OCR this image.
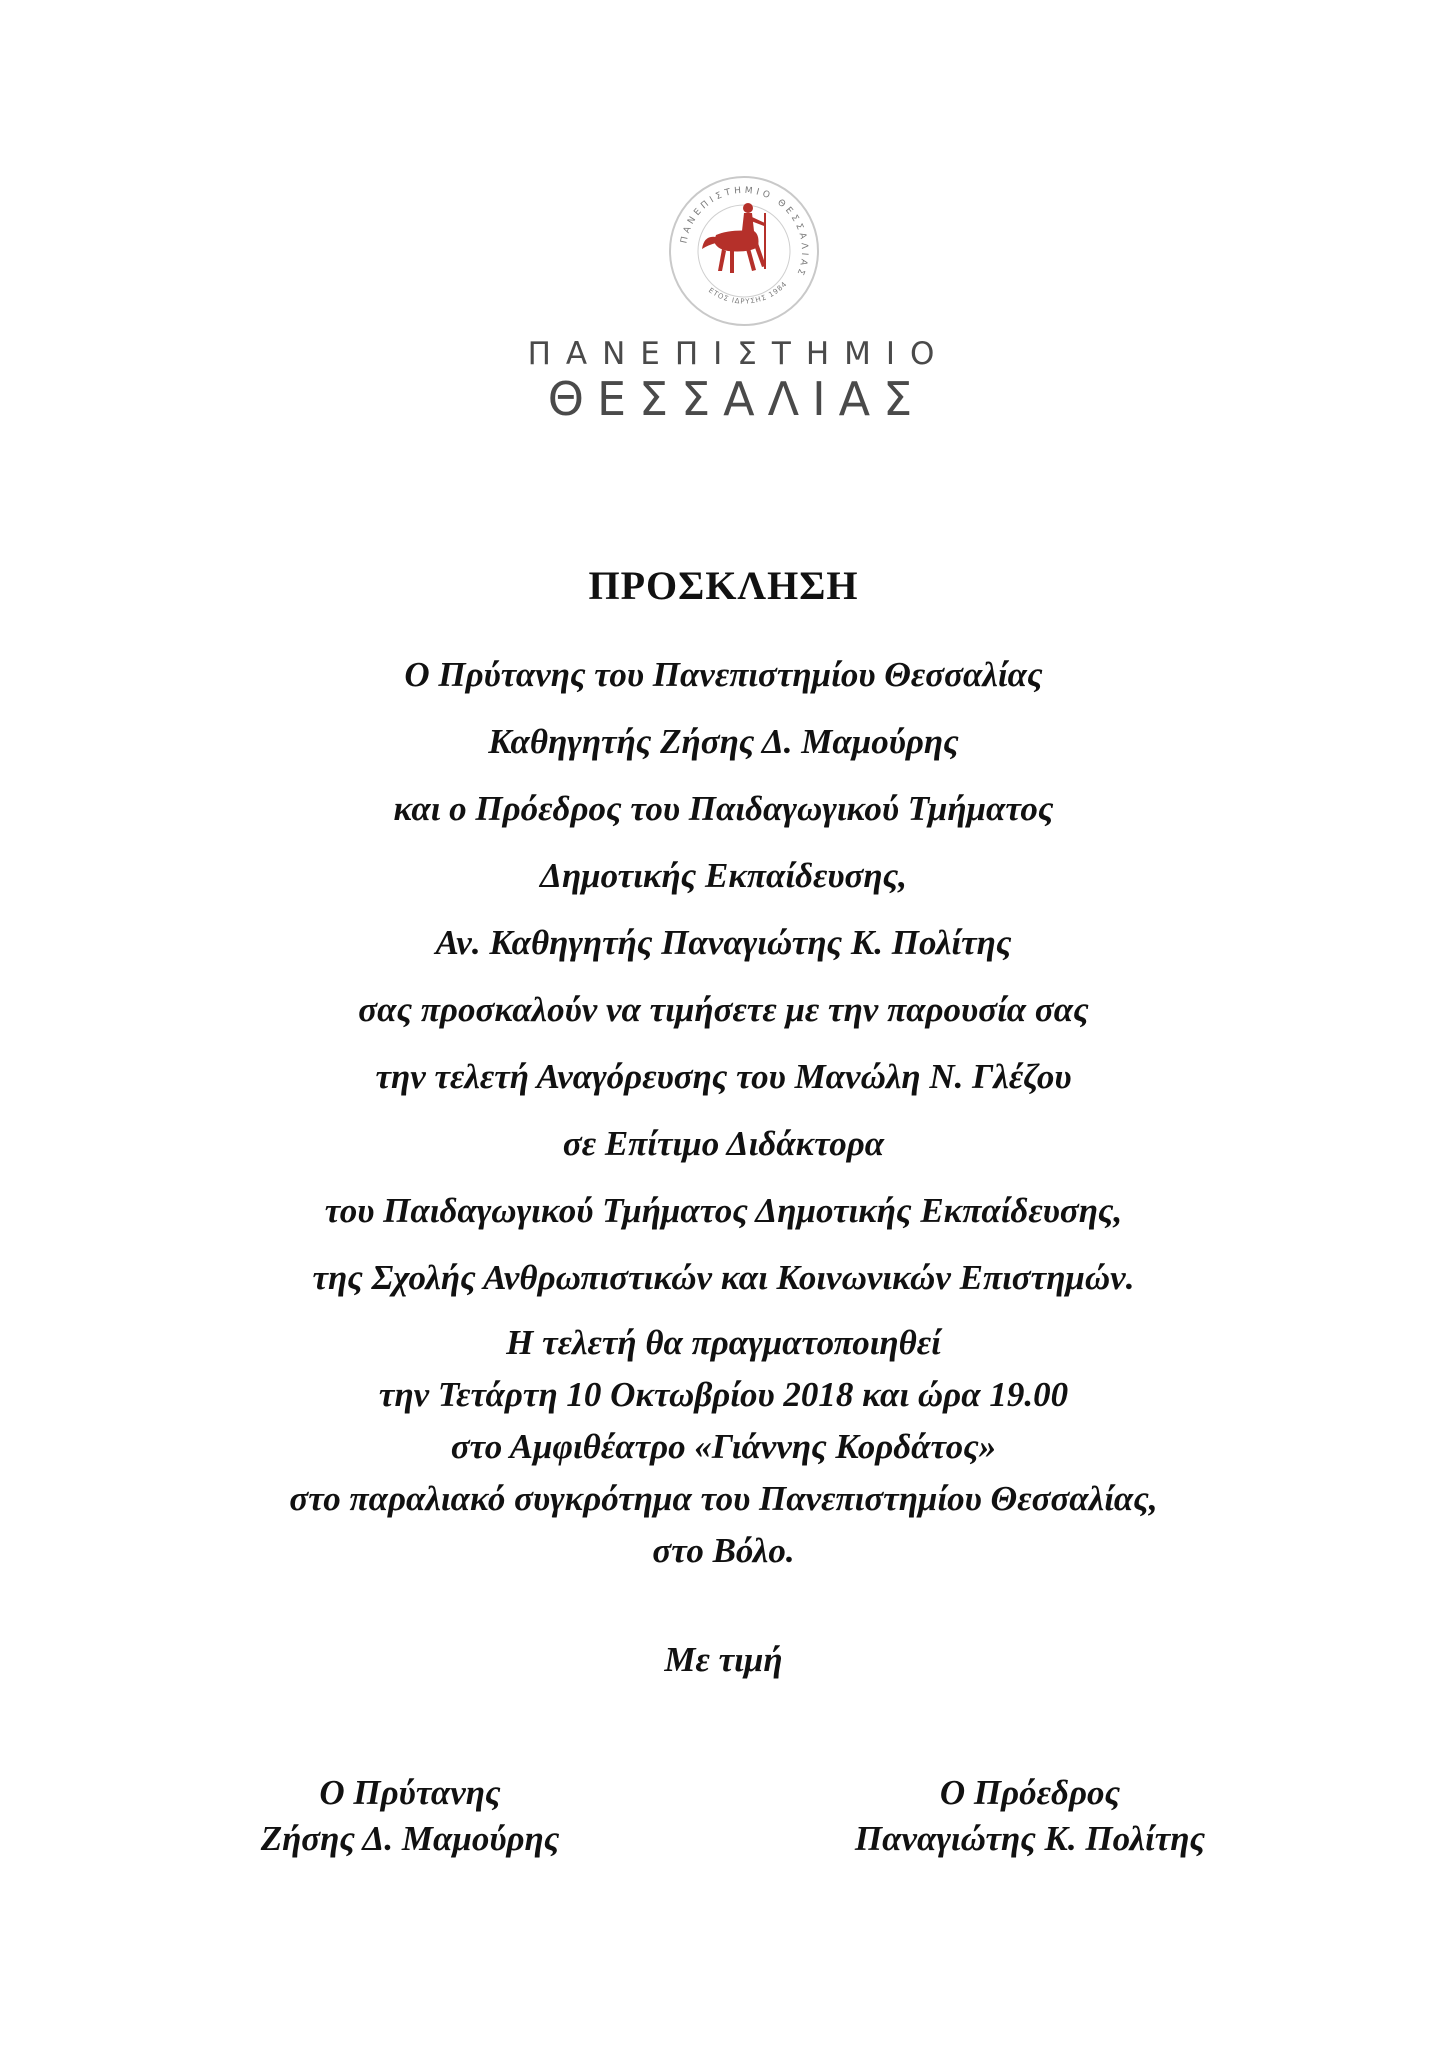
ΠΑΝΕΠΙΣΤΗΜΙΟ ΘΕΣΣΑΛΙΑΣ
ΕΤΟΣ ΙΔΡΥΣΗΣ 1984
ΠΑΝΕΠΙΣΤΗΜΙΟ
ΘΕΣΣΑΛΙΑΣ
ΠΡΟΣΚΛΗΣΗ
Ο Πρύτανης του Πανεπιστημίου Θεσσαλίας
Καθηγητής Ζήσης Δ. Μαμούρης
και ο Πρόεδρος του Παιδαγωγικού Τμήματος
Δημοτικής Εκπαίδευσης,
Αν. Καθηγητής Παναγιώτης Κ. Πολίτης
σας προσκαλούν να τιμήσετε με την παρουσία σας
την τελετή Αναγόρευσης του Μανώλη Ν. Γλέζου
σε Επίτιμο Διδάκτορα
του Παιδαγωγικού Τμήματος Δημοτικής Εκπαίδευσης,
της Σχολής Ανθρωπιστικών και Κοινωνικών Επιστημών.
Η τελετή θα πραγματοποιηθεί
την Τετάρτη 10 Οκτωβρίου 2018 και ώρα 19.00
στο Αμφιθέατρο «Γιάννης Κορδάτος»
στο παραλιακό συγκρότημα του Πανεπιστημίου Θεσσαλίας,
στο Βόλο.
Με τιμή
Ο Πρύτανης
Ζήσης Δ. Μαμούρης
Ο Πρόεδρος
Παναγιώτης Κ. Πολίτης
